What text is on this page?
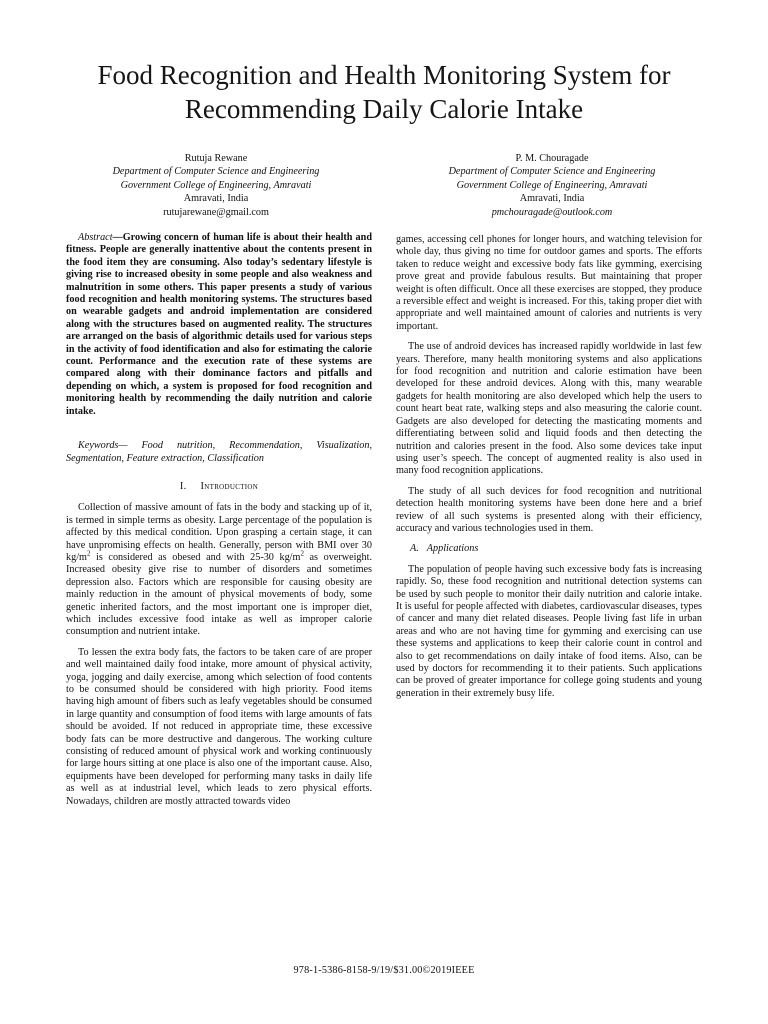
Food Recognition and Health Monitoring System for Recommending Daily Calorie Intake
Rutuja Rewane
Department of Computer Science and Engineering
Government College of Engineering, Amravati
Amravati, India
rutujarewane@gmail.com
P. M. Chouragade
Department of Computer Science and Engineering
Government College of Engineering, Amravati
Amravati, India
pmchouragade@outlook.com

Abstract—Growing concern of human life is about their health and fitness. People are generally inattentive about the contents present in the food item they are consuming. Also today’s sedentary lifestyle is giving rise to increased obesity in some people and also weakness and malnutrition in some others. This paper presents a study of various food recognition and health monitoring systems. The structures based on wearable gadgets and android implementation are considered along with the structures based on augmented reality. The structures are arranged on the basis of algorithmic details used for various steps in the activity of food identification and also for estimating the calorie count. Performance and the execution rate of these systems are compared along with their dominance factors and pitfalls and depending on which, a system is proposed for food recognition and monitoring health by recommending the daily nutrition and calorie intake.

Keywords— Food nutrition, Recommendation, Visualization, Segmentation, Feature extraction, Classification

I. Introduction

Collection of massive amount of fats in the body and stacking up of it, is termed in simple terms as obesity. Large percentage of the population is affected by this medical condition. Upon grasping a certain stage, it can have unpromising effects on health. Generally, person with BMI over 30 $kg/m^2$ is considered as obesed and with 25-30 $kg/m^2$ as overweight. Increased obesity give rise to number of disorders and sometimes depression also. Factors which are responsible for causing obesity are mainly reduction in the amount of physical movements of body, some genetic inherited factors, and the most important one is improper diet, which includes excessive food intake as well as improper calorie consumption and nutrient intake.

To lessen the extra body fats, the factors to be taken care of are proper and well maintained daily food intake, more amount of physical activity, yoga, jogging and daily exercise, among which selection of food contents to be consumed should be considered with high priority. Food items having high amount of fibers such as leafy vegetables should be consumed in large quantity and consumption of food items with large amounts of fats should be avoided. If not reduced in appropriate time, these excessive body fats can be more destructive and dangerous. The working culture consisting of reduced amount of physical work and working continuously for large hours sitting at one place is also one of the important cause. Also, equipments have been developed for performing many tasks in daily life as well as at industrial level, which leads to zero physical efforts. Nowadays, children are mostly attracted towards video

games, accessing cell phones for longer hours, and watching television for whole day, thus giving no time for outdoor games and sports. The efforts taken to reduce weight and excessive body fats like gymming, exercising prove great and provide fabulous results. But maintaining that proper weight is often difficult. Once all these exercises are stopped, they produce a reversible effect and weight is increased. For this, taking proper diet with appropriate and well maintained amount of calories and nutrients is very important.

The use of android devices has increased rapidly worldwide in last few years. Therefore, many health monitoring systems and also applications for food recognition and nutrition and calorie estimation have been developed for these android devices. Along with this, many wearable gadgets for health monitoring are also developed which help the users to count heart beat rate, walking steps and also measuring the calorie count. Gadgets are also developed for detecting the masticating moments and differentiating between solid and liquid foods and then detecting the nutrition and calories present in the food. Also some devices take input using user’s speech. The concept of augmented reality is also used in many food recognition applications.

The study of all such devices for food recognition and nutritional detection health monitoring systems have been done here and a brief review of all such systems is presented along with their efficiency, accuracy and various technologies used in them.

A. Applications

The population of people having such excessive body fats is increasing rapidly. So, these food recognition and nutritional detection systems can be used by such people to monitor their daily nutrition and calorie intake. It is useful for people affected with diabetes, cardiovascular diseases, types of cancer and many diet related diseases. People living fast life in urban areas and who are not having time for gymming and exercising can use these systems and applications to keep their calorie count in control and also to get recommendations on daily intake of food items. Also, can be used by doctors for recommending it to their patients. Such applications can be proved of greater importance for college going students and young generation in their extremely busy life.

978-1-5386-8158-9/19/$31.00©2019IEEE
